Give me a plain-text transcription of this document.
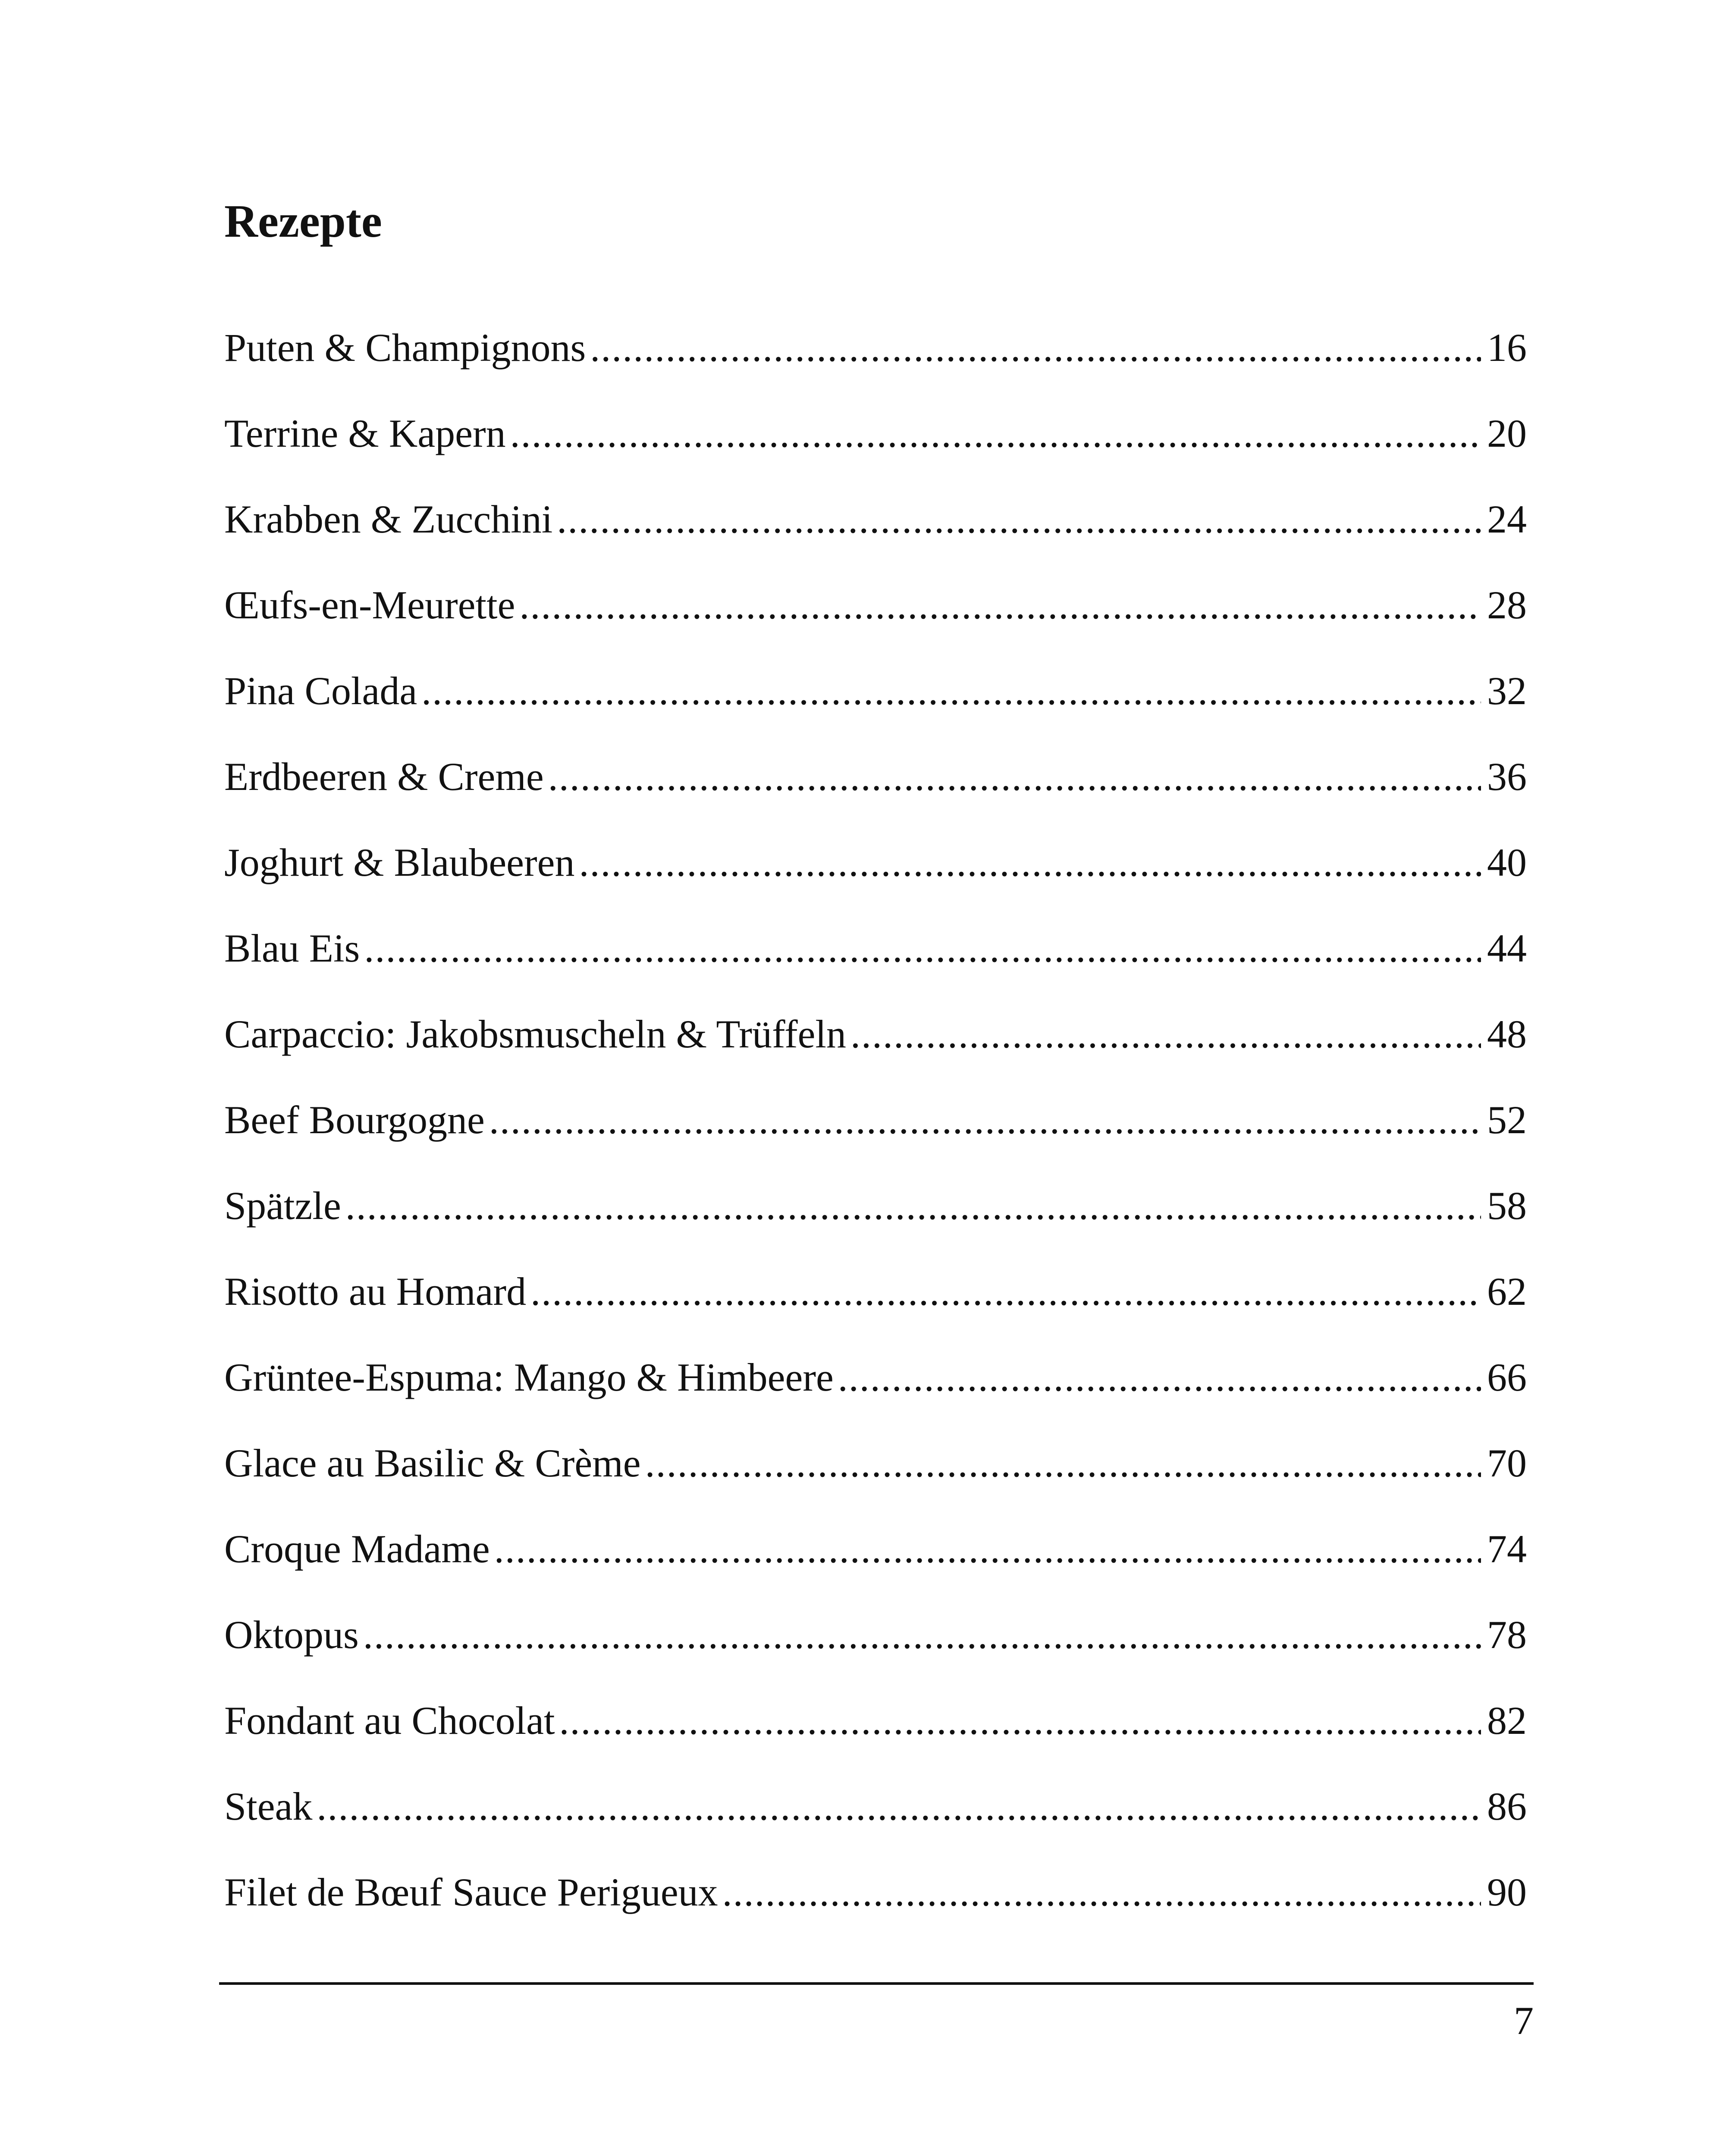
Rezepte
Puten & Champignons .....	16
Terrine & Kapern .....	20
Krabben & Zucchini .....	24
Œufs-en-Meurette .....	28
Pina Colada .....	32
Erdbeeren & Creme .....	36
Joghurt & Blaubeeren .....	40
Blau Eis .....	44
Carpaccio: Jakobsmuscheln & Trüffeln .....	48
Beef Bourgogne .....	52
Spätzle .....	58
Risotto au Homard .....	62
Grüntee-Espuma: Mango & Himbeere .....	66
Glace au Basilic & Crème .....	70
Croque Madame .....	74
Oktopus .....	78
Fondant au Chocolat .....	82
Steak .....	86
Filet de Bœuf Sauce Perigueux .....	90
7
